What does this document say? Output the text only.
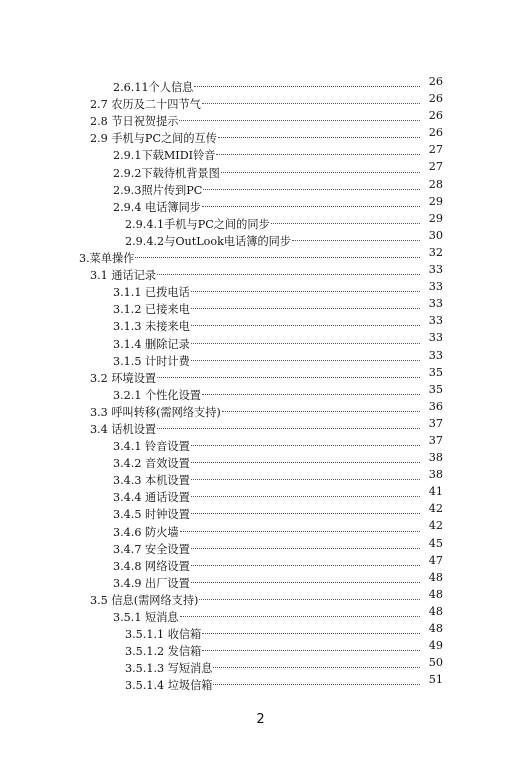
2.6.11个人信息	26
2.7 农历及二十四节气	26
2.8 节日祝贺提示	26
2.9 手机与PC之间的互传	26
2.9.1下载MIDI铃音	27
2.9.2下载待机背景图	27
2.9.3照片传到PC	28
2.9.4 电话簿同步	29
2.9.4.1手机与PC之间的同步	29
2.9.4.2与OutLook电话簿的同步	30
3.菜单操作	32
3.1 通话记录	33
3.1.1 已拨电话	33
3.1.2 已接来电	33
3.1.3 未接来电	33
3.1.4 删除记录	33
3.1.5 计时计费	33
3.2 环境设置	35
3.2.1 个性化设置	35
3.3 呼叫转移(需网络支持)	36
3.4 话机设置	37
3.4.1 铃音设置	37
3.4.2 音效设置	38
3.4.3 本机设置	38
3.4.4 通话设置	41
3.4.5 时钟设置	42
3.4.6 防火墙	42
3.4.7 安全设置	45
3.4.8 网络设置	47
3.4.9 出厂设置	48
3.5 信息(需网络支持)	48
3.5.1 短消息	48
3.5.1.1 收信箱	48
3.5.1.2 发信箱	49
3.5.1.3 写短消息	50
3.5.1.4 垃圾信箱	51
2
